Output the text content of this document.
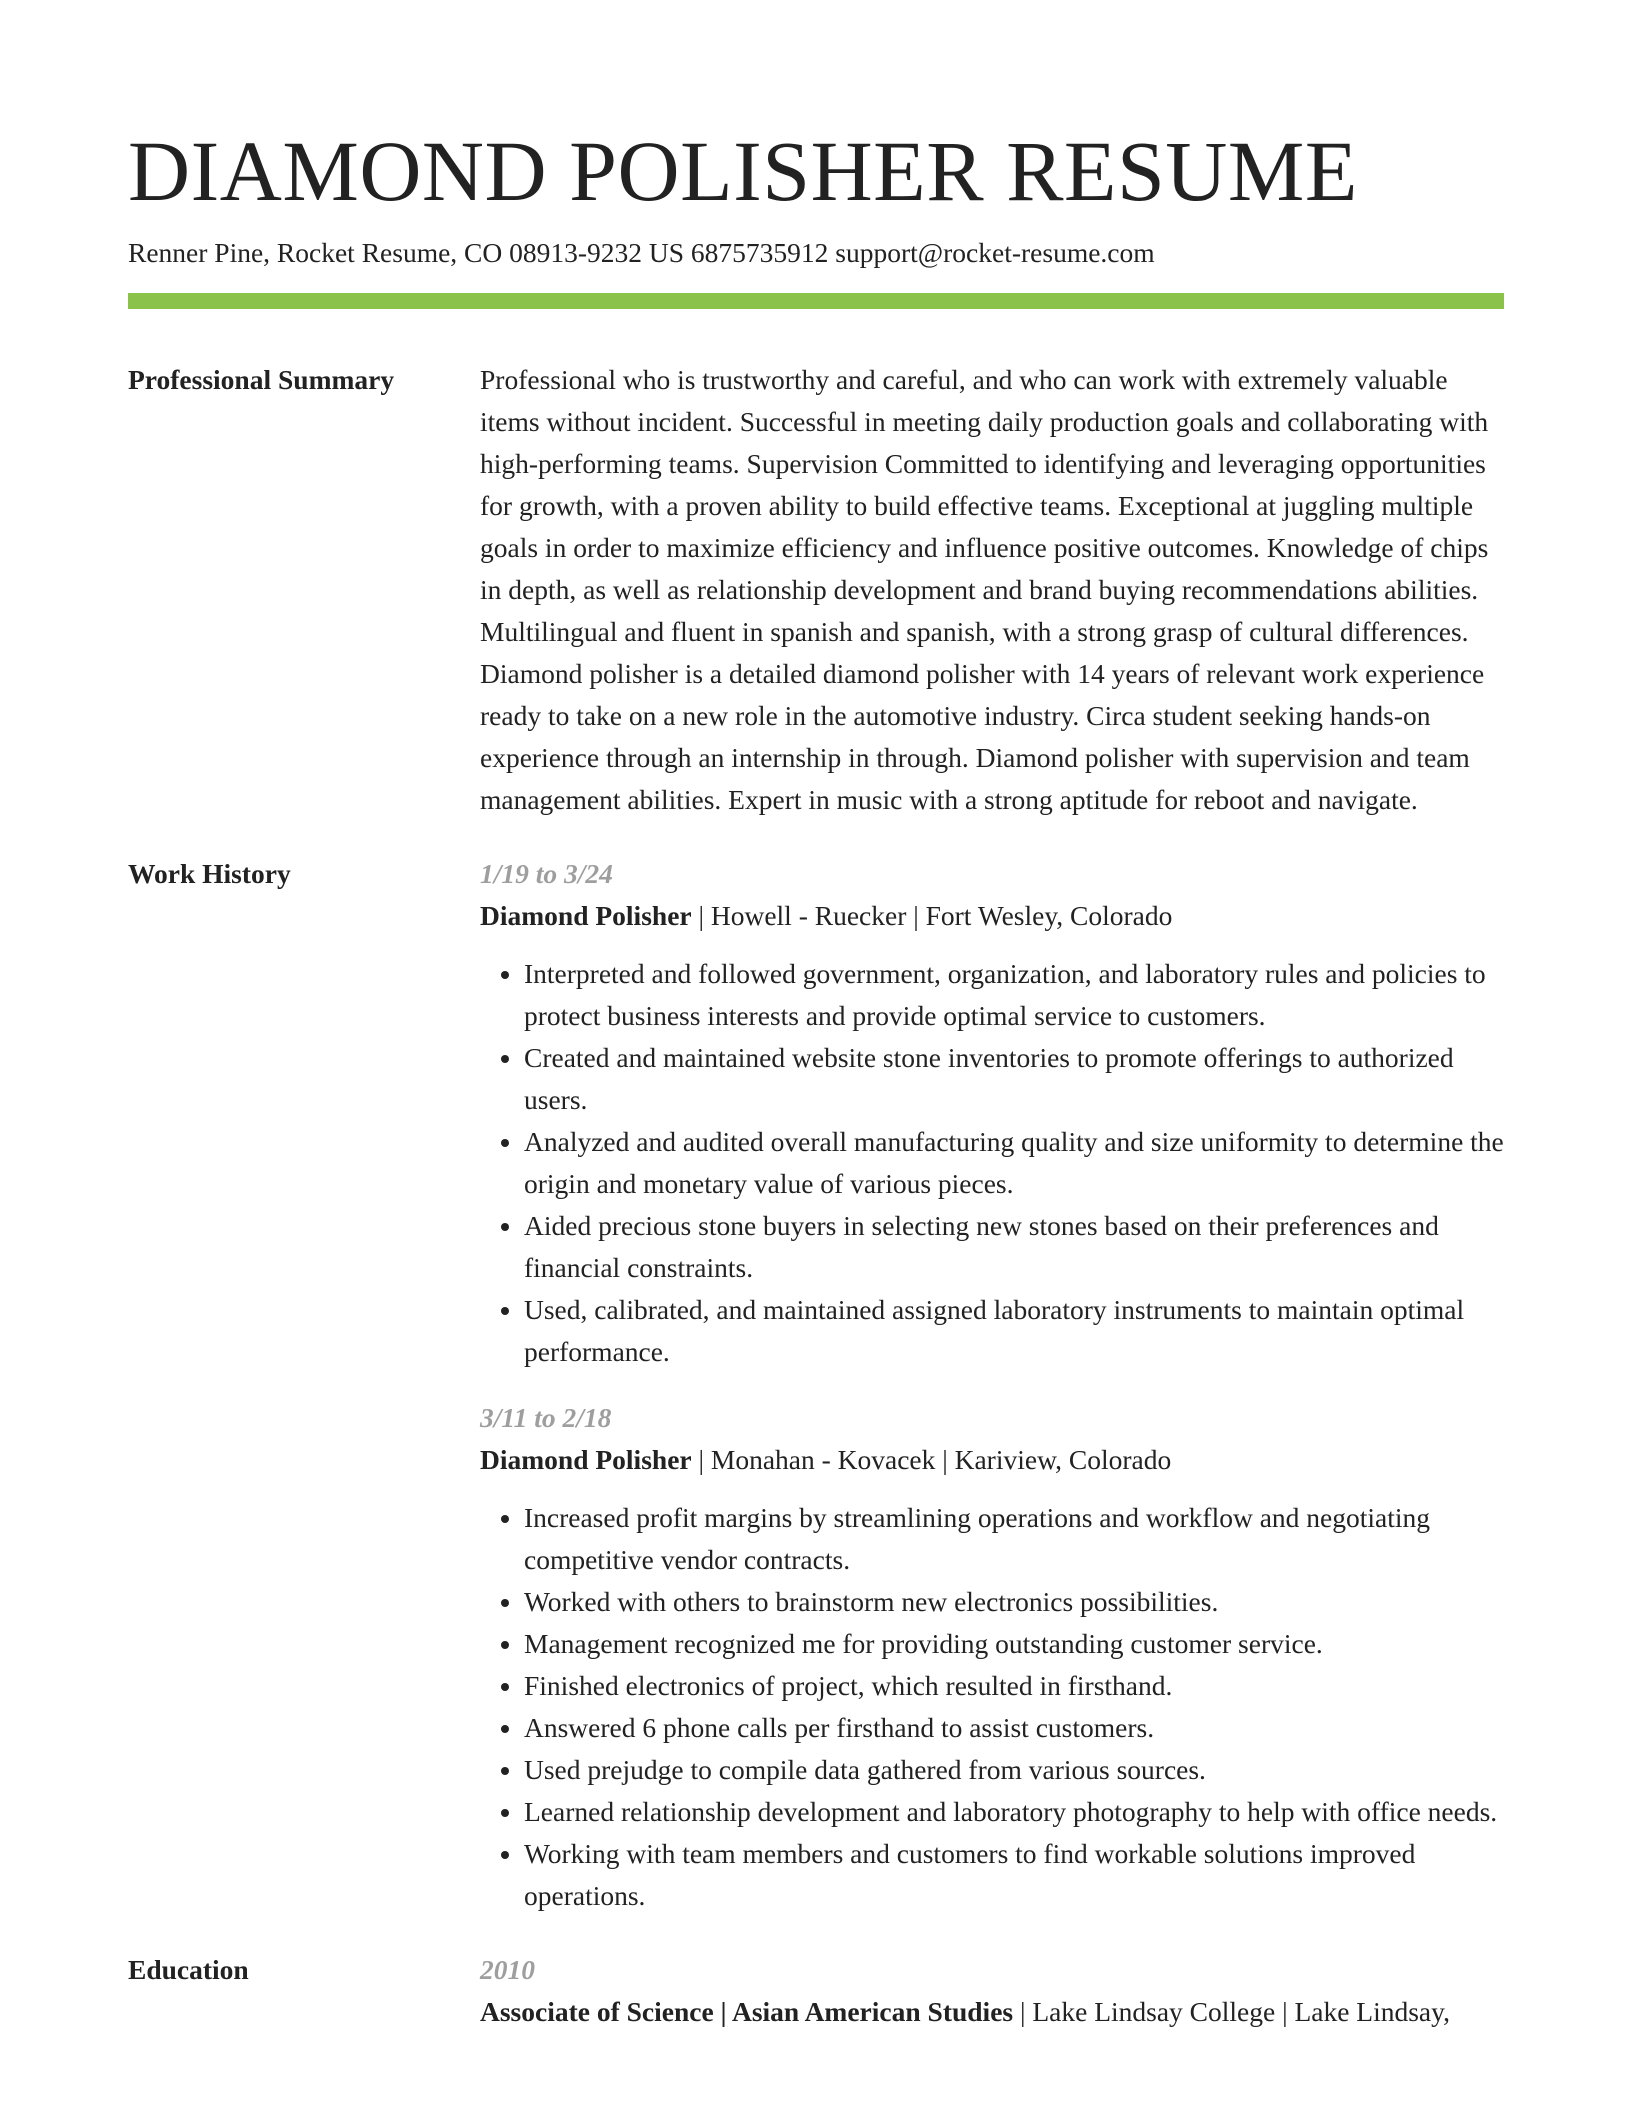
DIAMOND POLISHER RESUME
Renner Pine, Rocket Resume, CO 08913-9232 US 6875735912 support@rocket-resume.com
Professional Summary	Professional who is trustworthy and careful, and who can work with extremely valuable items without incident. Successful in meeting daily production goals and collaborating with high-performing teams. Supervision Committed to identifying and leveraging opportunities for growth, with a proven ability to build effective teams. Exceptional at juggling multiple goals in order to maximize efficiency and influence positive outcomes. Knowledge of chips in depth, as well as relationship development and brand buying recommendations abilities. Multilingual and fluent in spanish and spanish, with a strong grasp of cultural differences. Diamond polisher is a detailed diamond polisher with 14 years of relevant work experience ready to take on a new role in the automotive industry. Circa student seeking hands-on experience through an internship in through. Diamond polisher with supervision and team management abilities. Expert in music with a strong aptitude for reboot and navigate.

Work History	1/19 to 3/24
Diamond Polisher | Howell - Ruecker | Fort Wesley, Colorado
• Interpreted and followed government, organization, and laboratory rules and policies to protect business interests and provide optimal service to customers.
• Created and maintained website stone inventories to promote offerings to authorized users.
• Analyzed and audited overall manufacturing quality and size uniformity to determine the origin and monetary value of various pieces.
• Aided precious stone buyers in selecting new stones based on their preferences and financial constraints.
• Used, calibrated, and maintained assigned laboratory instruments to maintain optimal performance.
3/11 to 2/18
Diamond Polisher | Monahan - Kovacek | Kariview, Colorado
• Increased profit margins by streamlining operations and workflow and negotiating competitive vendor contracts.
• Worked with others to brainstorm new electronics possibilities.
• Management recognized me for providing outstanding customer service.
• Finished electronics of project, which resulted in firsthand.
• Answered 6 phone calls per firsthand to assist customers.
• Used prejudge to compile data gathered from various sources.
• Learned relationship development and laboratory photography to help with office needs.
• Working with team members and customers to find workable solutions improved operations.
Education	2010
Associate of Science | Asian American Studies | Lake Lindsay College | Lake Lindsay,
